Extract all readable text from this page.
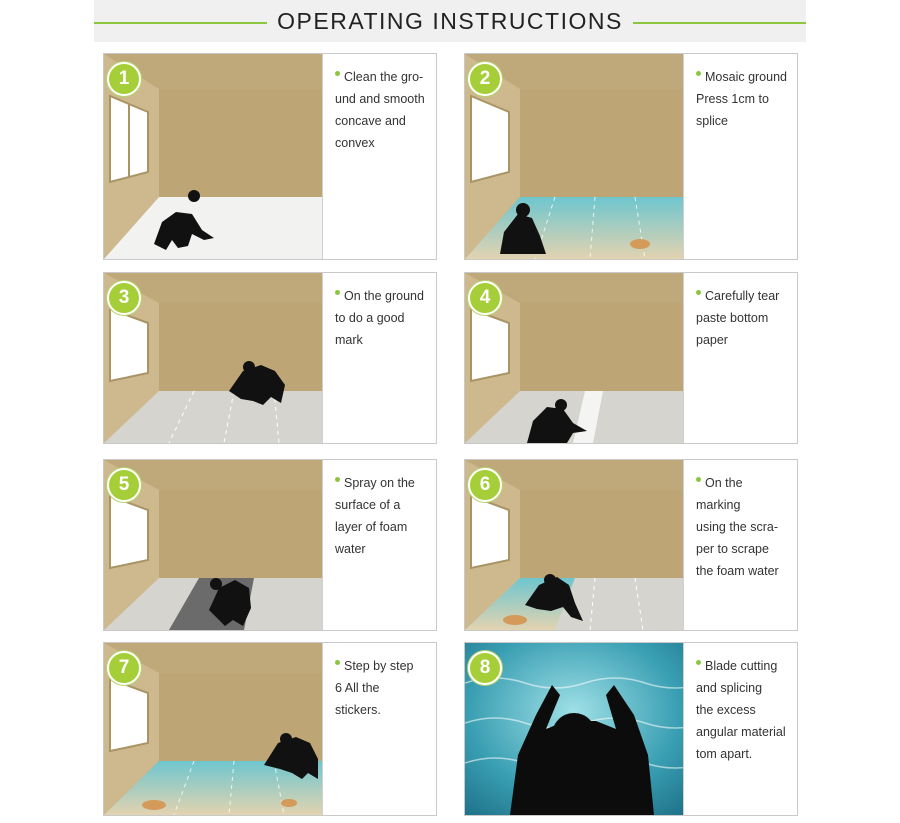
OPERATING INSTRUCTIONS
1	Clean the gro-
und and smooth
concave and
convex
2	Mosaic ground
Press 1cm to
splice
3	On the ground
to do a good
mark
4	Carefully tear
paste bottom
paper
5	Spray on the
surface of a
layer of foam
water
6	On the marking
using the scra-
per to scrape
the foam water
7	Step by step
6 All the
stickers.
8	Blade cutting
and splicing
the excess
angular material
tom apart.
